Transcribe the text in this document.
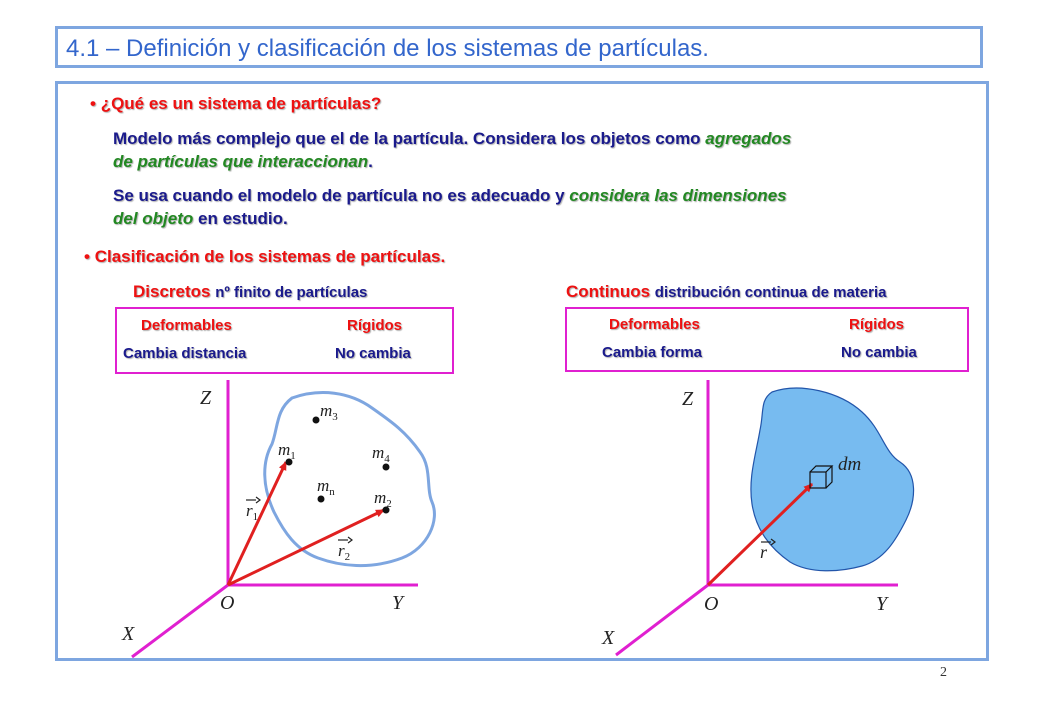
4.1 – Definición y clasificación de los sistemas de partículas.
• ¿Qué es un sistema de partículas?
Modelo más complejo que el de la partícula. Considera los objetos como agregados
de partículas que interaccionan.
Se usa cuando el modelo de partícula no es adecuado y considera las dimensiones
del objeto en estudio.
• Clasificación de los sistemas de partículas.
Discretos nº finito de partículas	Continuos distribución continua de materia
Deformables
Cambia distancia
Rígidos
No cambia
Deformables
Cambia forma
Rígidos
No cambia
Z
Y
X
O
$m_3$
$m_1$	$m_4$
$m_n$ $m_2$
$r_1$
$r_2$
dm
Z
Y
X
O
r
2
